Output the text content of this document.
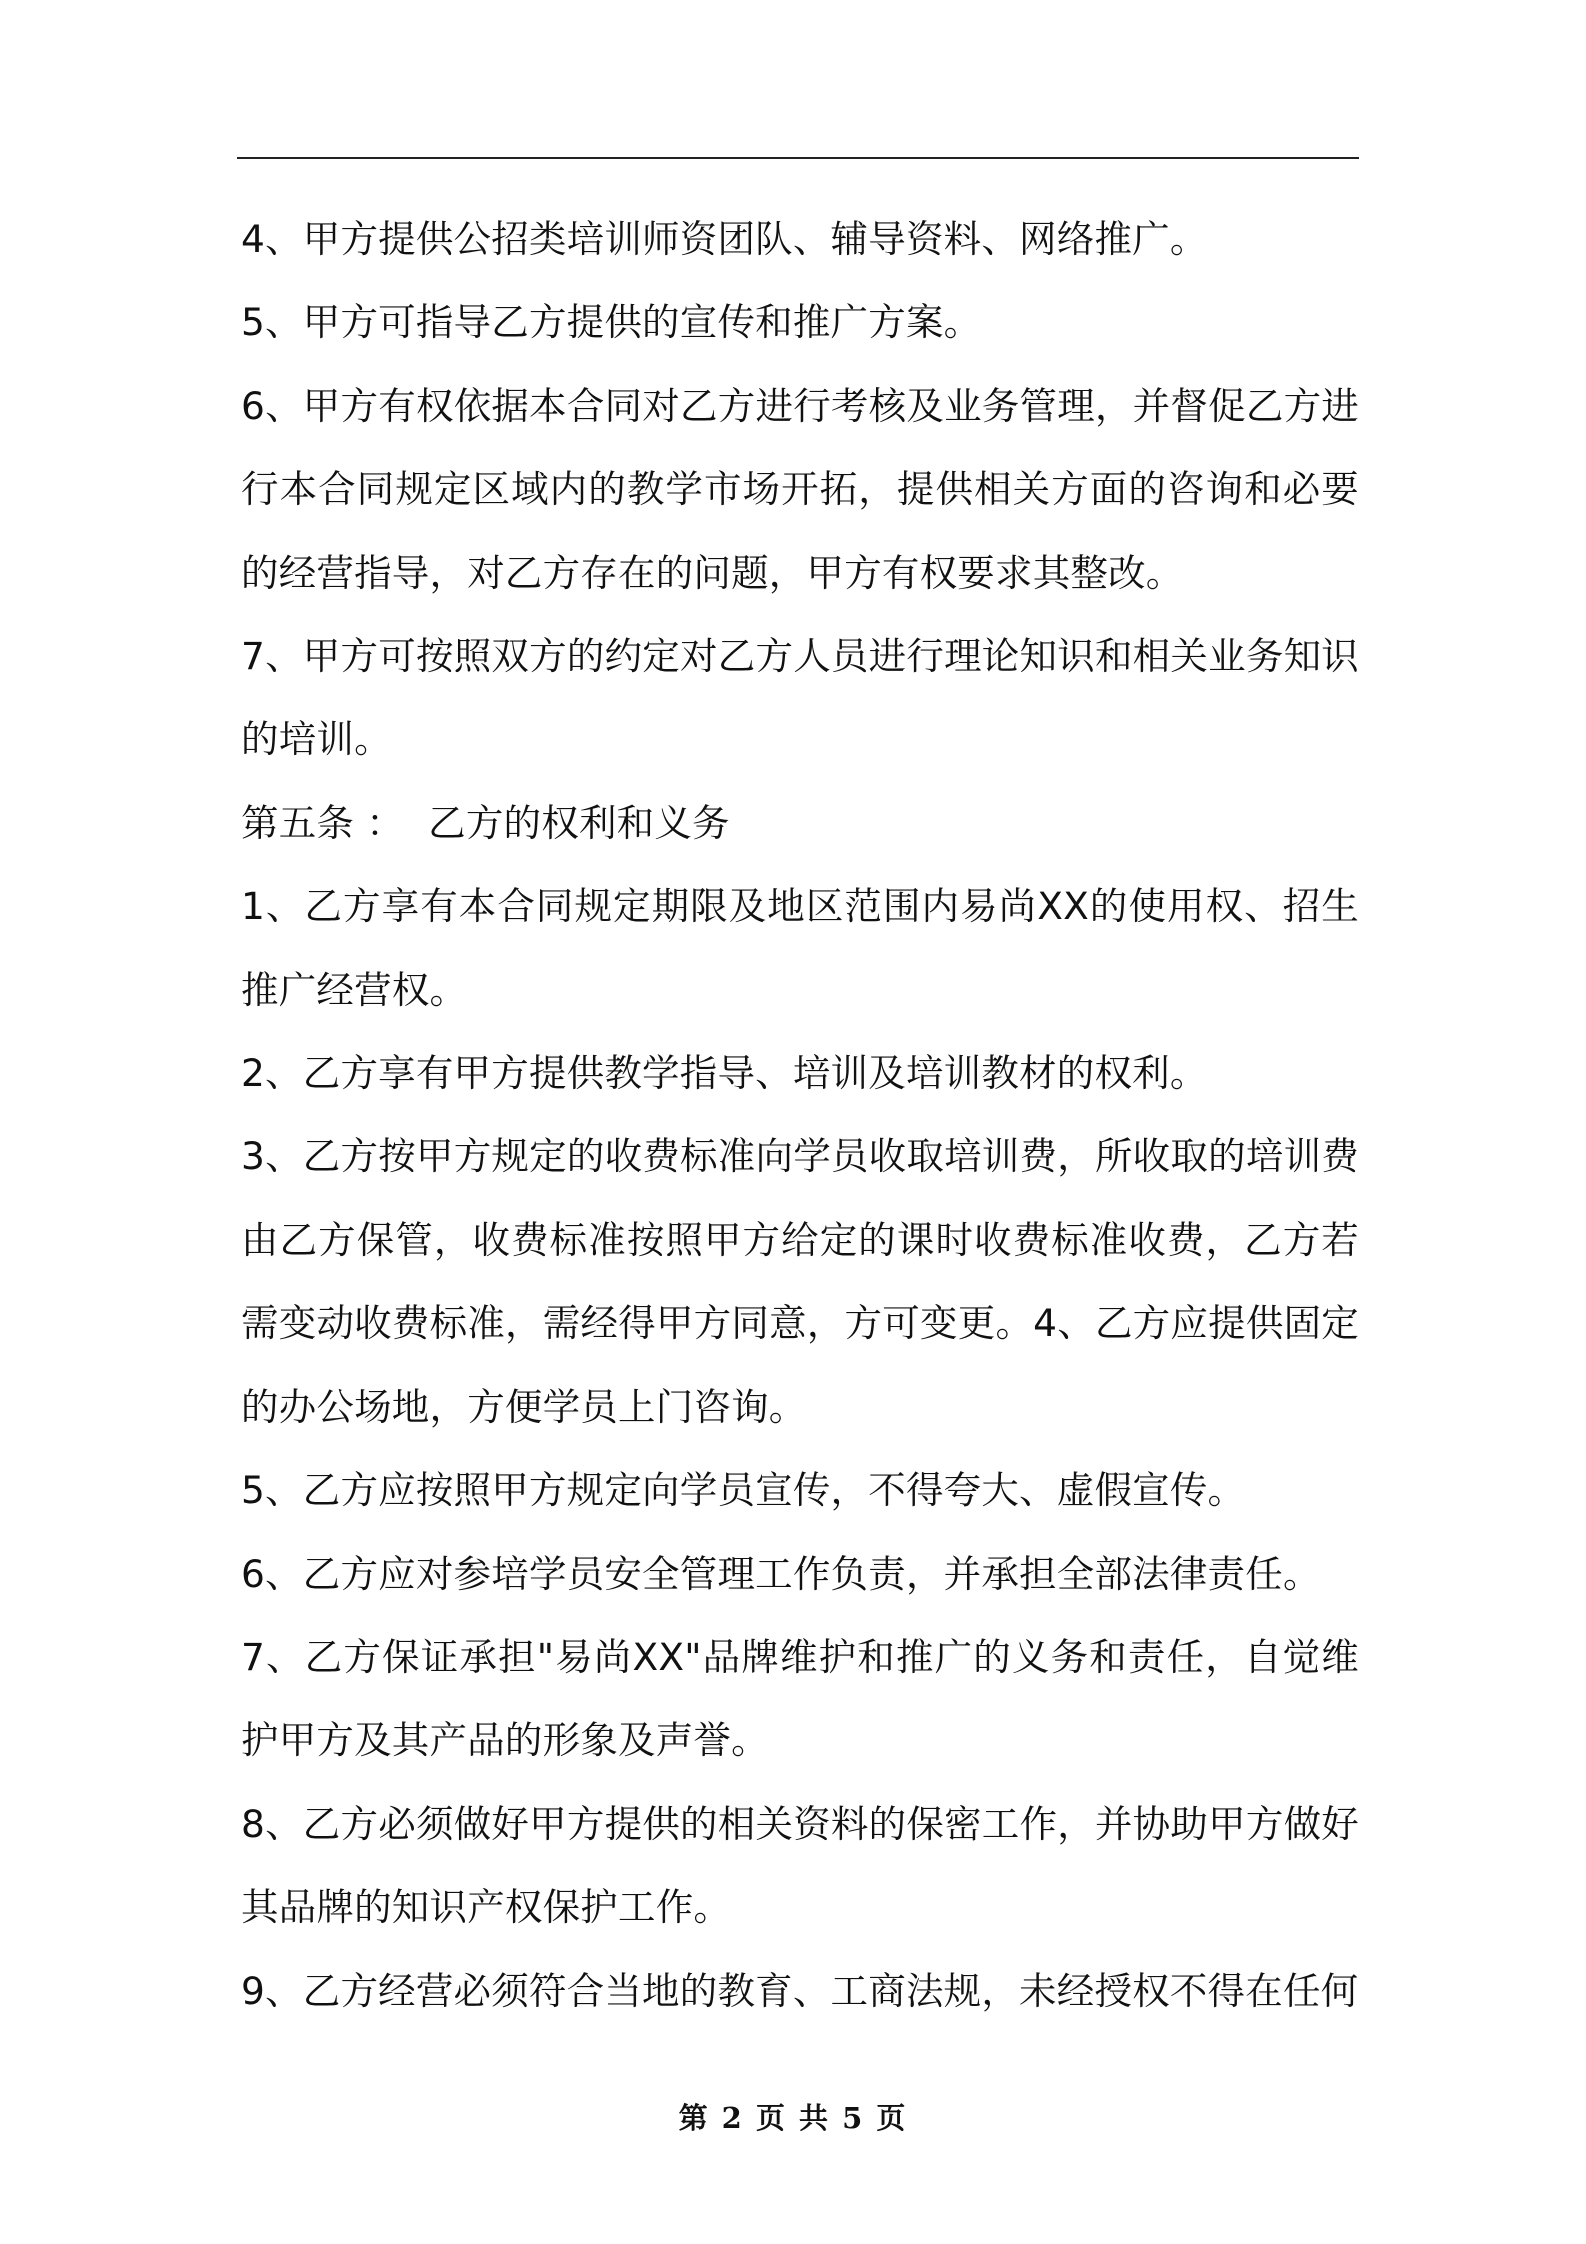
4、甲方提供公招类培训师资团队、辅导资料、网络推广。

5、甲方可指导乙方提供的宣传和推广方案。

6、甲方有权依据本合同对乙方进行考核及业务管理，并督促乙方进行本合同规定区域内的教学市场开拓，提供相关方面的咨询和必要的经营指导，对乙方存在的问题，甲方有权要求其整改。

7、甲方可按照双方的约定对乙方人员进行理论知识和相关业务知识的培训。

第五条 ：  乙方的权利和义务

1、乙方享有本合同规定期限及地区范围内易尚XX的使用权、招生推广经营权。

2、乙方享有甲方提供教学指导、培训及培训教材的权利。

3、乙方按甲方规定的收费标准向学员收取培训费，所收取的培训费由乙方保管，收费标准按照甲方给定的课时收费标准收费，乙方若需变动收费标准，需经得甲方同意，方可变更。4、乙方应提供固定的办公场地，方便学员上门咨询。

5、乙方应按照甲方规定向学员宣传，不得夸大、虚假宣传。

6、乙方应对参培学员安全管理工作负责，并承担全部法律责任。

7、乙方保证承担"易尚XX"品牌维护和推广的义务和责任，自觉维护甲方及其产品的形象及声誉。

8、乙方必须做好甲方提供的相关资料的保密工作，并协助甲方做好其品牌的知识产权保护工作。

9、乙方经营必须符合当地的教育、工商法规，未经授权不得在任何

第 2 页 共 5 页
